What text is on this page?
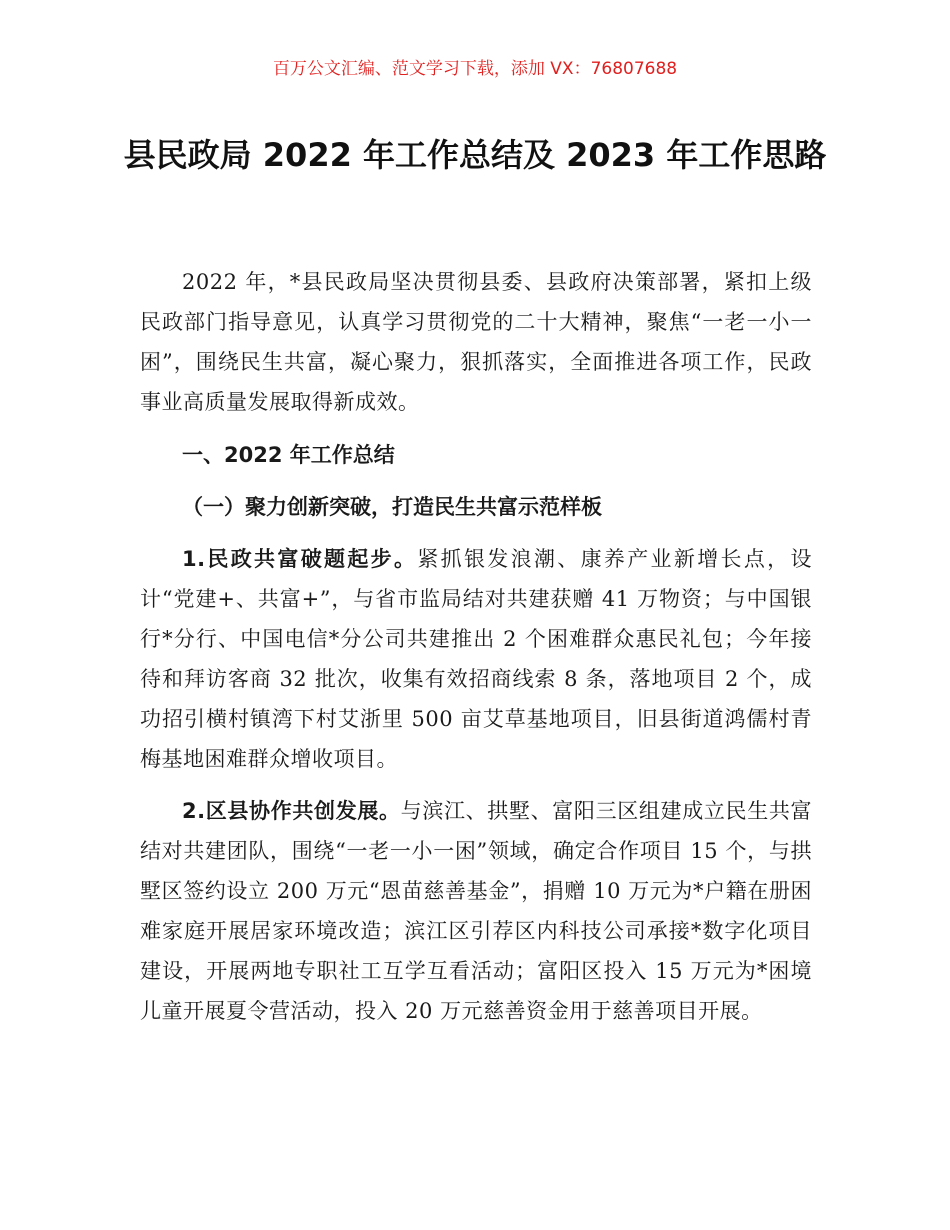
百万公文汇编、范文学习下载，添加 VX：76807688
县民政局 2022 年工作总结及 2023 年工作思路

2022 年，*县民政局坚决贯彻县委、县政府决策部署，紧扣上级民政部门指导意见，认真学习贯彻党的二十大精神，聚焦“一老一小一困”，围绕民生共富，凝心聚力，狠抓落实，全面推进各项工作，民政事业高质量发展取得新成效。

一、2022 年工作总结

（一）聚力创新突破，打造民生共富示范样板

1.民政共富破题起步。紧抓银发浪潮、康养产业新增长点，设计“党建+、共富+”，与省市监局结对共建获赠 41 万物资；与中国银行*分行、中国电信*分公司共建推出 2 个困难群众惠民礼包；今年接待和拜访客商 32 批次，收集有效招商线索 8 条，落地项目 2 个，成功招引横村镇湾下村艾浙里 500 亩艾草基地项目，旧县街道鸿儒村青梅基地困难群众增收项目。

2.区县协作共创发展。与滨江、拱墅、富阳三区组建成立民生共富结对共建团队，围绕“一老一小一困”领域，确定合作项目 15 个，与拱墅区签约设立 200 万元“恩苗慈善基金”，捐赠 10 万元为*户籍在册困难家庭开展居家环境改造；滨江区引荐区内科技公司承接*数字化项目建设，开展两地专职社工互学互看活动；富阳区投入 15 万元为*困境儿童开展夏令营活动，投入 20 万元慈善资金用于慈善项目开展。
